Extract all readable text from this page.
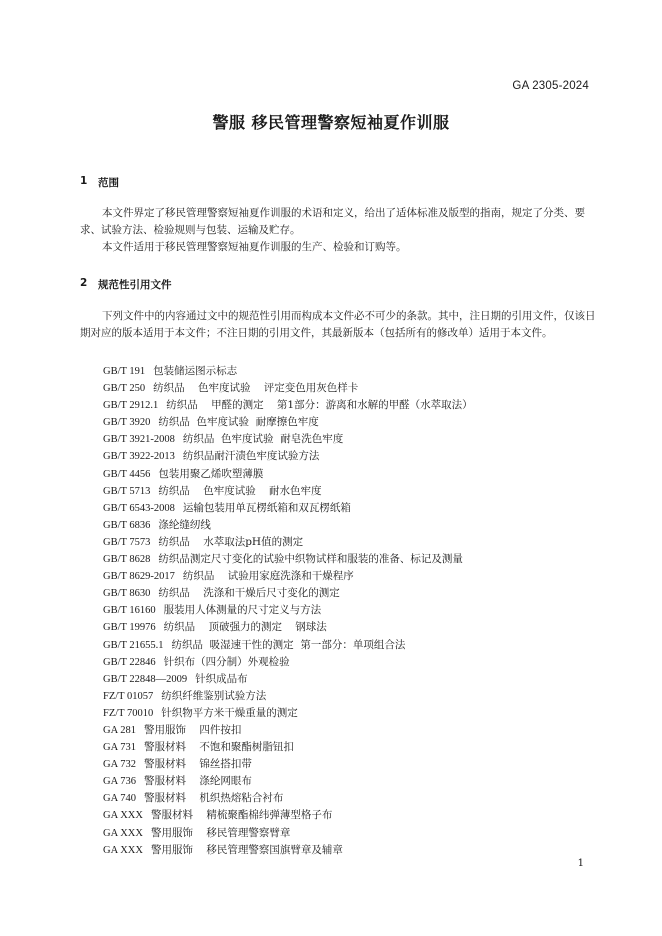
GA 2305-2024
警服 移民管理警察短袖夏作训服
1 范围

本文件界定了移民管理警察短袖夏作训服的术语和定义，给出了适体标准及版型的指南，规定了分类、要求、试验方法、检验规则与包装、运输及贮存。

本文件适用于移民管理警察短袖夏作训服的生产、检验和订购等。

2 规范性引用文件

下列文件中的内容通过文中的规范性引用而构成本文件必不可少的条款。其中，注日期的引用文件，仅该日期对应的版本适用于本文件；不注日期的引用文件，其最新版本（包括所有的修改单）适用于本文件。

GB/T 191 包装储运图示标志
GB/T 250 纺织品    色牢度试验    评定变色用灰色样卡
GB/T 2912.1 纺织品    甲醛的测定    第1部分：游离和水解的甲醛（水萃取法）
GB/T 3920 纺织品  色牢度试验  耐摩擦色牢度
GB/T 3921-2008 纺织品  色牢度试验  耐皂洗色牢度
GB/T 3922-2013 纺织品耐汗渍色牢度试验方法
GB/T 4456 包装用聚乙烯吹塑薄膜
GB/T 5713 纺织品    色牢度试验    耐水色牢度
GB/T 6543-2008 运输包装用单瓦楞纸箱和双瓦楞纸箱
GB/T 6836 涤纶缝纫线
GB/T 7573 纺织品    水萃取法pH值的测定
GB/T 8628 纺织品测定尺寸变化的试验中织物试样和服装的准备、标记及测量
GB/T 8629-2017 纺织品    试验用家庭洗涤和干燥程序
GB/T 8630 纺织品    洗涤和干燥后尺寸变化的测定
GB/T 16160 服装用人体测量的尺寸定义与方法
GB/T 19976 纺织品    顶破强力的测定    钢球法
GB/T 21655.1 纺织品  吸湿速干性的测定  第一部分：单项组合法
GB/T 22846 针织布（四分制）外观检验
GB/T 22848—2009 针织成品布
FZ/T 01057 纺织纤维鉴别试验方法
FZ/T 70010 针织物平方米干燥重量的测定
GA 281 警用服饰    四件按扣
GA 731 警服材料    不饱和聚酯树脂钮扣
GA 732 警服材料    锦丝搭扣带
GA 736 警服材料    涤纶网眼布
GA 740 警服材料    机织热熔粘合衬布
GA XXX 警服材料    精梳聚酯棉纬弹薄型格子布
GA XXX 警用服饰    移民管理警察臂章
GA XXX 警用服饰    移民管理警察国旗臂章及辅章
1
